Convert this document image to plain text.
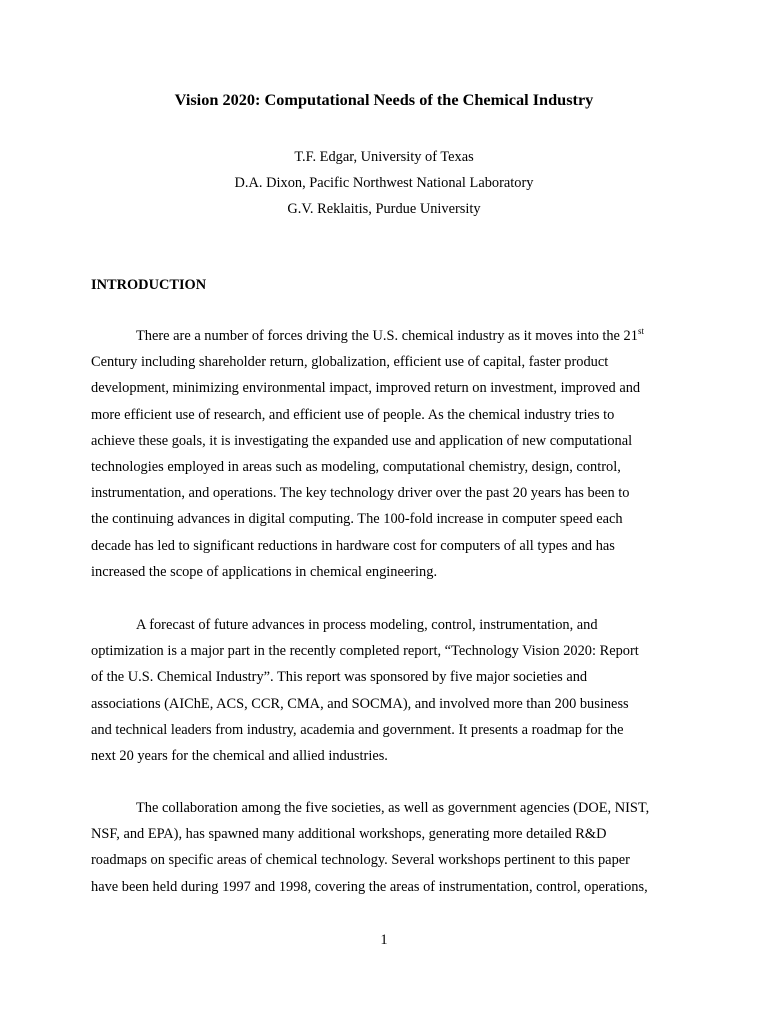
Vision 2020: Computational Needs of the Chemical Industry
T.F. Edgar, University of Texas
D.A. Dixon, Pacific Northwest National Laboratory
G.V. Reklaitis, Purdue University
INTRODUCTION
There are a number of forces driving the U.S. chemical industry as it moves into the 21st
Century including shareholder return, globalization, efficient use of capital, faster product
development, minimizing environmental impact, improved return on investment, improved and
more efficient use of research, and efficient use of people. As the chemical industry tries to
achieve these goals, it is investigating the expanded use and application of new computational
technologies employed in areas such as modeling, computational chemistry, design, control,
instrumentation, and operations. The key technology driver over the past 20 years has been to
the continuing advances in digital computing. The 100-fold increase in computer speed each
decade has led to significant reductions in hardware cost for computers of all types and has
increased the scope of applications in chemical engineering.
A forecast of future advances in process modeling, control, instrumentation, and
optimization is a major part in the recently completed report, “Technology Vision 2020: Report
of the U.S. Chemical Industry”. This report was sponsored by five major societies and
associations (AIChE, ACS, CCR, CMA, and SOCMA), and involved more than 200 business
and technical leaders from industry, academia and government. It presents a roadmap for the
next 20 years for the chemical and allied industries.
The collaboration among the five societies, as well as government agencies (DOE, NIST,
NSF, and EPA), has spawned many additional workshops, generating more detailed R&D
roadmaps on specific areas of chemical technology. Several workshops pertinent to this paper
have been held during 1997 and 1998, covering the areas of instrumentation, control, operations,
1
